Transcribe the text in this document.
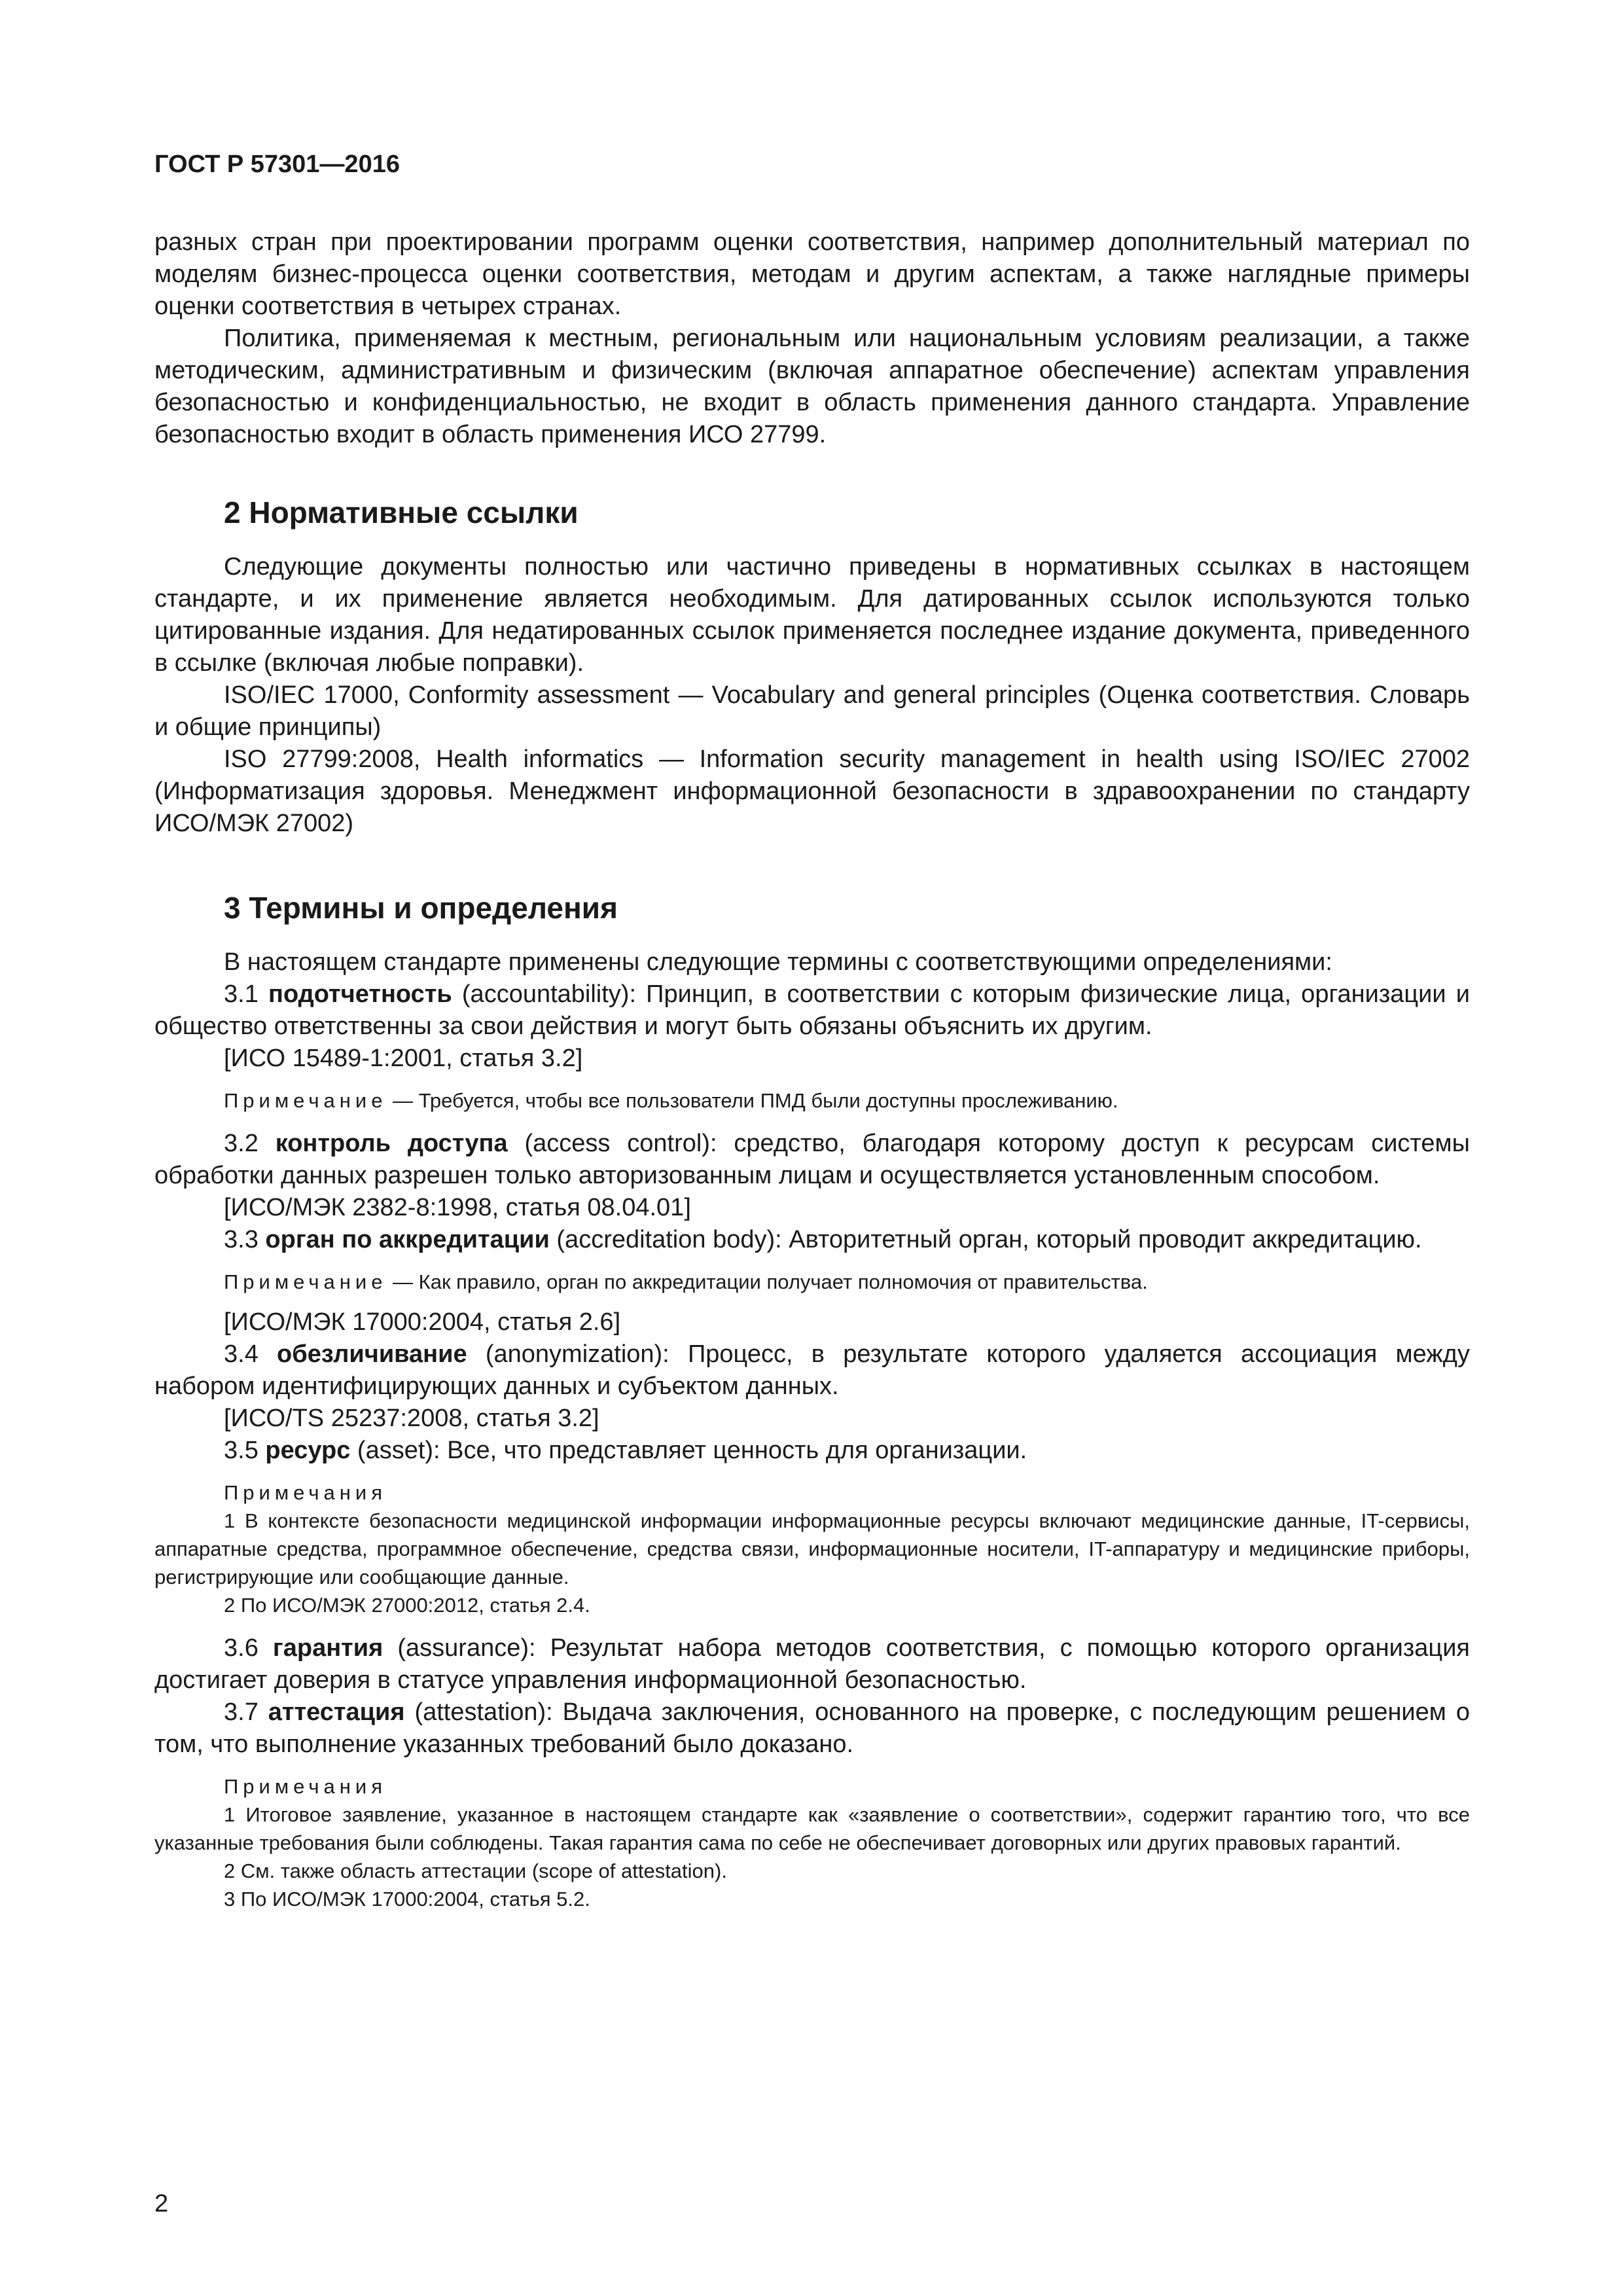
ГОСТ Р 57301—2016

разных стран при проектировании программ оценки соответствия, например дополнительный материал по моделям бизнес-процесса оценки соответствия, методам и другим аспектам, а также наглядные примеры оценки соответствия в четырех странах.

Политика, применяемая к местным, региональным или национальным условиям реализации, а также методическим, административным и физическим (включая аппаратное обеспечение) аспектам управления безопасностью и конфиденциальностью, не входит в область применения данного стандарта. Управление безопасностью входит в область применения ИСО 27799.

2 Нормативные ссылки

Следующие документы полностью или частично приведены в нормативных ссылках в настоящем стандарте, и их применение является необходимым. Для датированных ссылок используются только цитированные издания. Для недатированных ссылок применяется последнее издание документа, приведенного в ссылке (включая любые поправки).

ISO/IEC 17000, Conformity assessment — Vocabulary and general principles (Оценка соответствия. Словарь и общие принципы)

ISO 27799:2008, Health informatics — Information security management in health using ISO/IEC 27002 (Информатизация здоровья. Менеджмент информационной безопасности в здравоохранении по стандарту ИСО/МЭК 27002)

3 Термины и определения

В настоящем стандарте применены следующие термины с соответствующими определениями:

3.1 подотчетность (accountability): Принцип, в соответствии с которым физические лица, организации и общество ответственны за свои действия и могут быть обязаны объяснить их другим.

[ИСО 15489-1:2001, статья 3.2]

Примечание — Требуется, чтобы все пользователи ПМД были доступны прослеживанию.

3.2 контроль доступа (access control): средство, благодаря которому доступ к ресурсам системы обработки данных разрешен только авторизованным лицам и осуществляется установленным способом.

[ИСО/МЭК 2382-8:1998, статья 08.04.01]

3.3 орган по аккредитации (accreditation body): Авторитетный орган, который проводит аккредитацию.

Примечание — Как правило, орган по аккредитации получает полномочия от правительства.

[ИСО/МЭК 17000:2004, статья 2.6]

3.4 обезличивание (anonymization): Процесс, в результате которого удаляется ассоциация между набором идентифицирующих данных и субъектом данных.

[ИСО/TS 25237:2008, статья 3.2]

3.5 ресурс (asset): Все, что представляет ценность для организации.

Примечания

1 В контексте безопасности медицинской информации информационные ресурсы включают медицинские данные, IT-сервисы, аппаратные средства, программное обеспечение, средства связи, информационные носители, IT-аппаратуру и медицинские приборы, регистрирующие или сообщающие данные.

2 По ИСО/МЭК 27000:2012, статья 2.4.

3.6 гарантия (assurance): Результат набора методов соответствия, с помощью которого организация достигает доверия в статусе управления информационной безопасностью.

3.7 аттестация (attestation): Выдача заключения, основанного на проверке, с последующим решением о том, что выполнение указанных требований было доказано.

Примечания

1 Итоговое заявление, указанное в настоящем стандарте как «заявление о соответствии», содержит гарантию того, что все указанные требования были соблюдены. Такая гарантия сама по себе не обеспечивает договорных или других правовых гарантий.

2 См. также область аттестации (scope of attestation).

3 По ИСО/МЭК 17000:2004, статья 5.2.

2
